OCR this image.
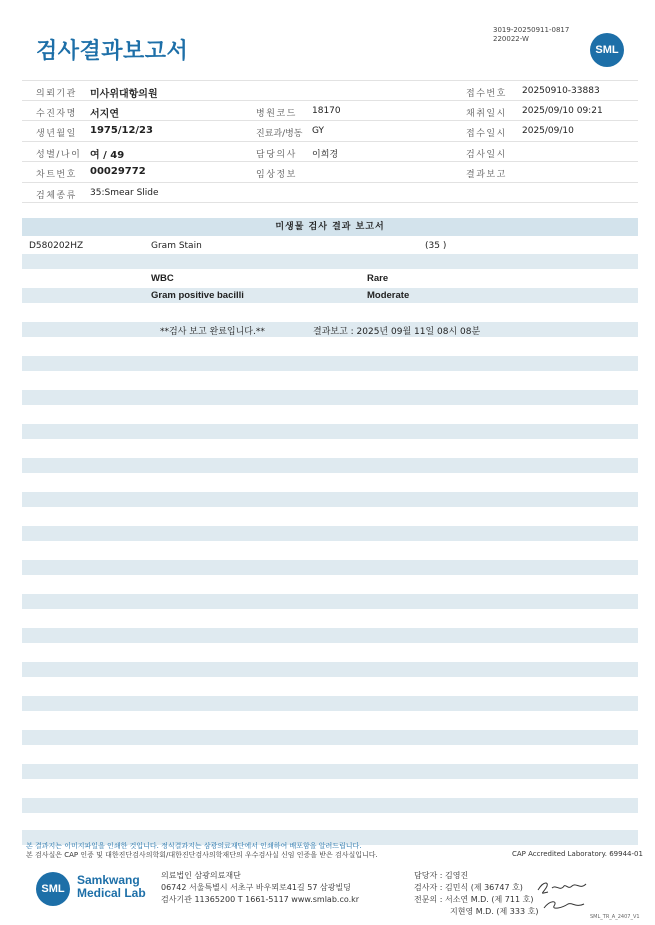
검사결과보고서
3019-20250911-0817
220022-W
SML
의뢰기관 미사위대항의원	접수번호 20250910-33883
수진자명 서지연	병원코드 18170	채취일시 2025/09/10 09:21
생년월일 1975/12/23	진료과/병동 GY	접수일시 2025/09/10
성별/나이 여 / 49	담당의사 이희경	검사일시
차트번호 00029772	임상정보	결과보고
검체종류 35:Smear Slide
미생물 검사 결과 보고서
D580202HZ	Gram Stain	(35 )
WBC	Rare
Gram positive bacilli	Moderate
**검사 보고 완료입니다.**	결과보고 : 2025년 09월 11일 08시 08분
본 결과지는 이미지파일을 인쇄한 것입니다. 정식결과지는 삼광의료재단에서 인쇄하여 배포함을 알려드립니다.
본 검사실은 CAP 인증 및 대한진단검사의학회/대한진단검사의학재단의 우수검사실 신임 인증을 받은 검사실입니다.	CAP Accredited Laboratory. 69944-01
SML
Samkwang
Medical Lab
의료법인 삼광의료재단
06742 서울특별시 서초구 바우뫼로41길 57 삼광빌딩
검사기관 11365200 T 1661-5117 www.smlab.co.kr
담당자 : 김영진
검사자 : 김민식 (제 36747 호)
전문의 : 서소연 M.D. (제 711 호)
지현영 M.D. (제 333 호)
SML_TR_A_2407_V1
